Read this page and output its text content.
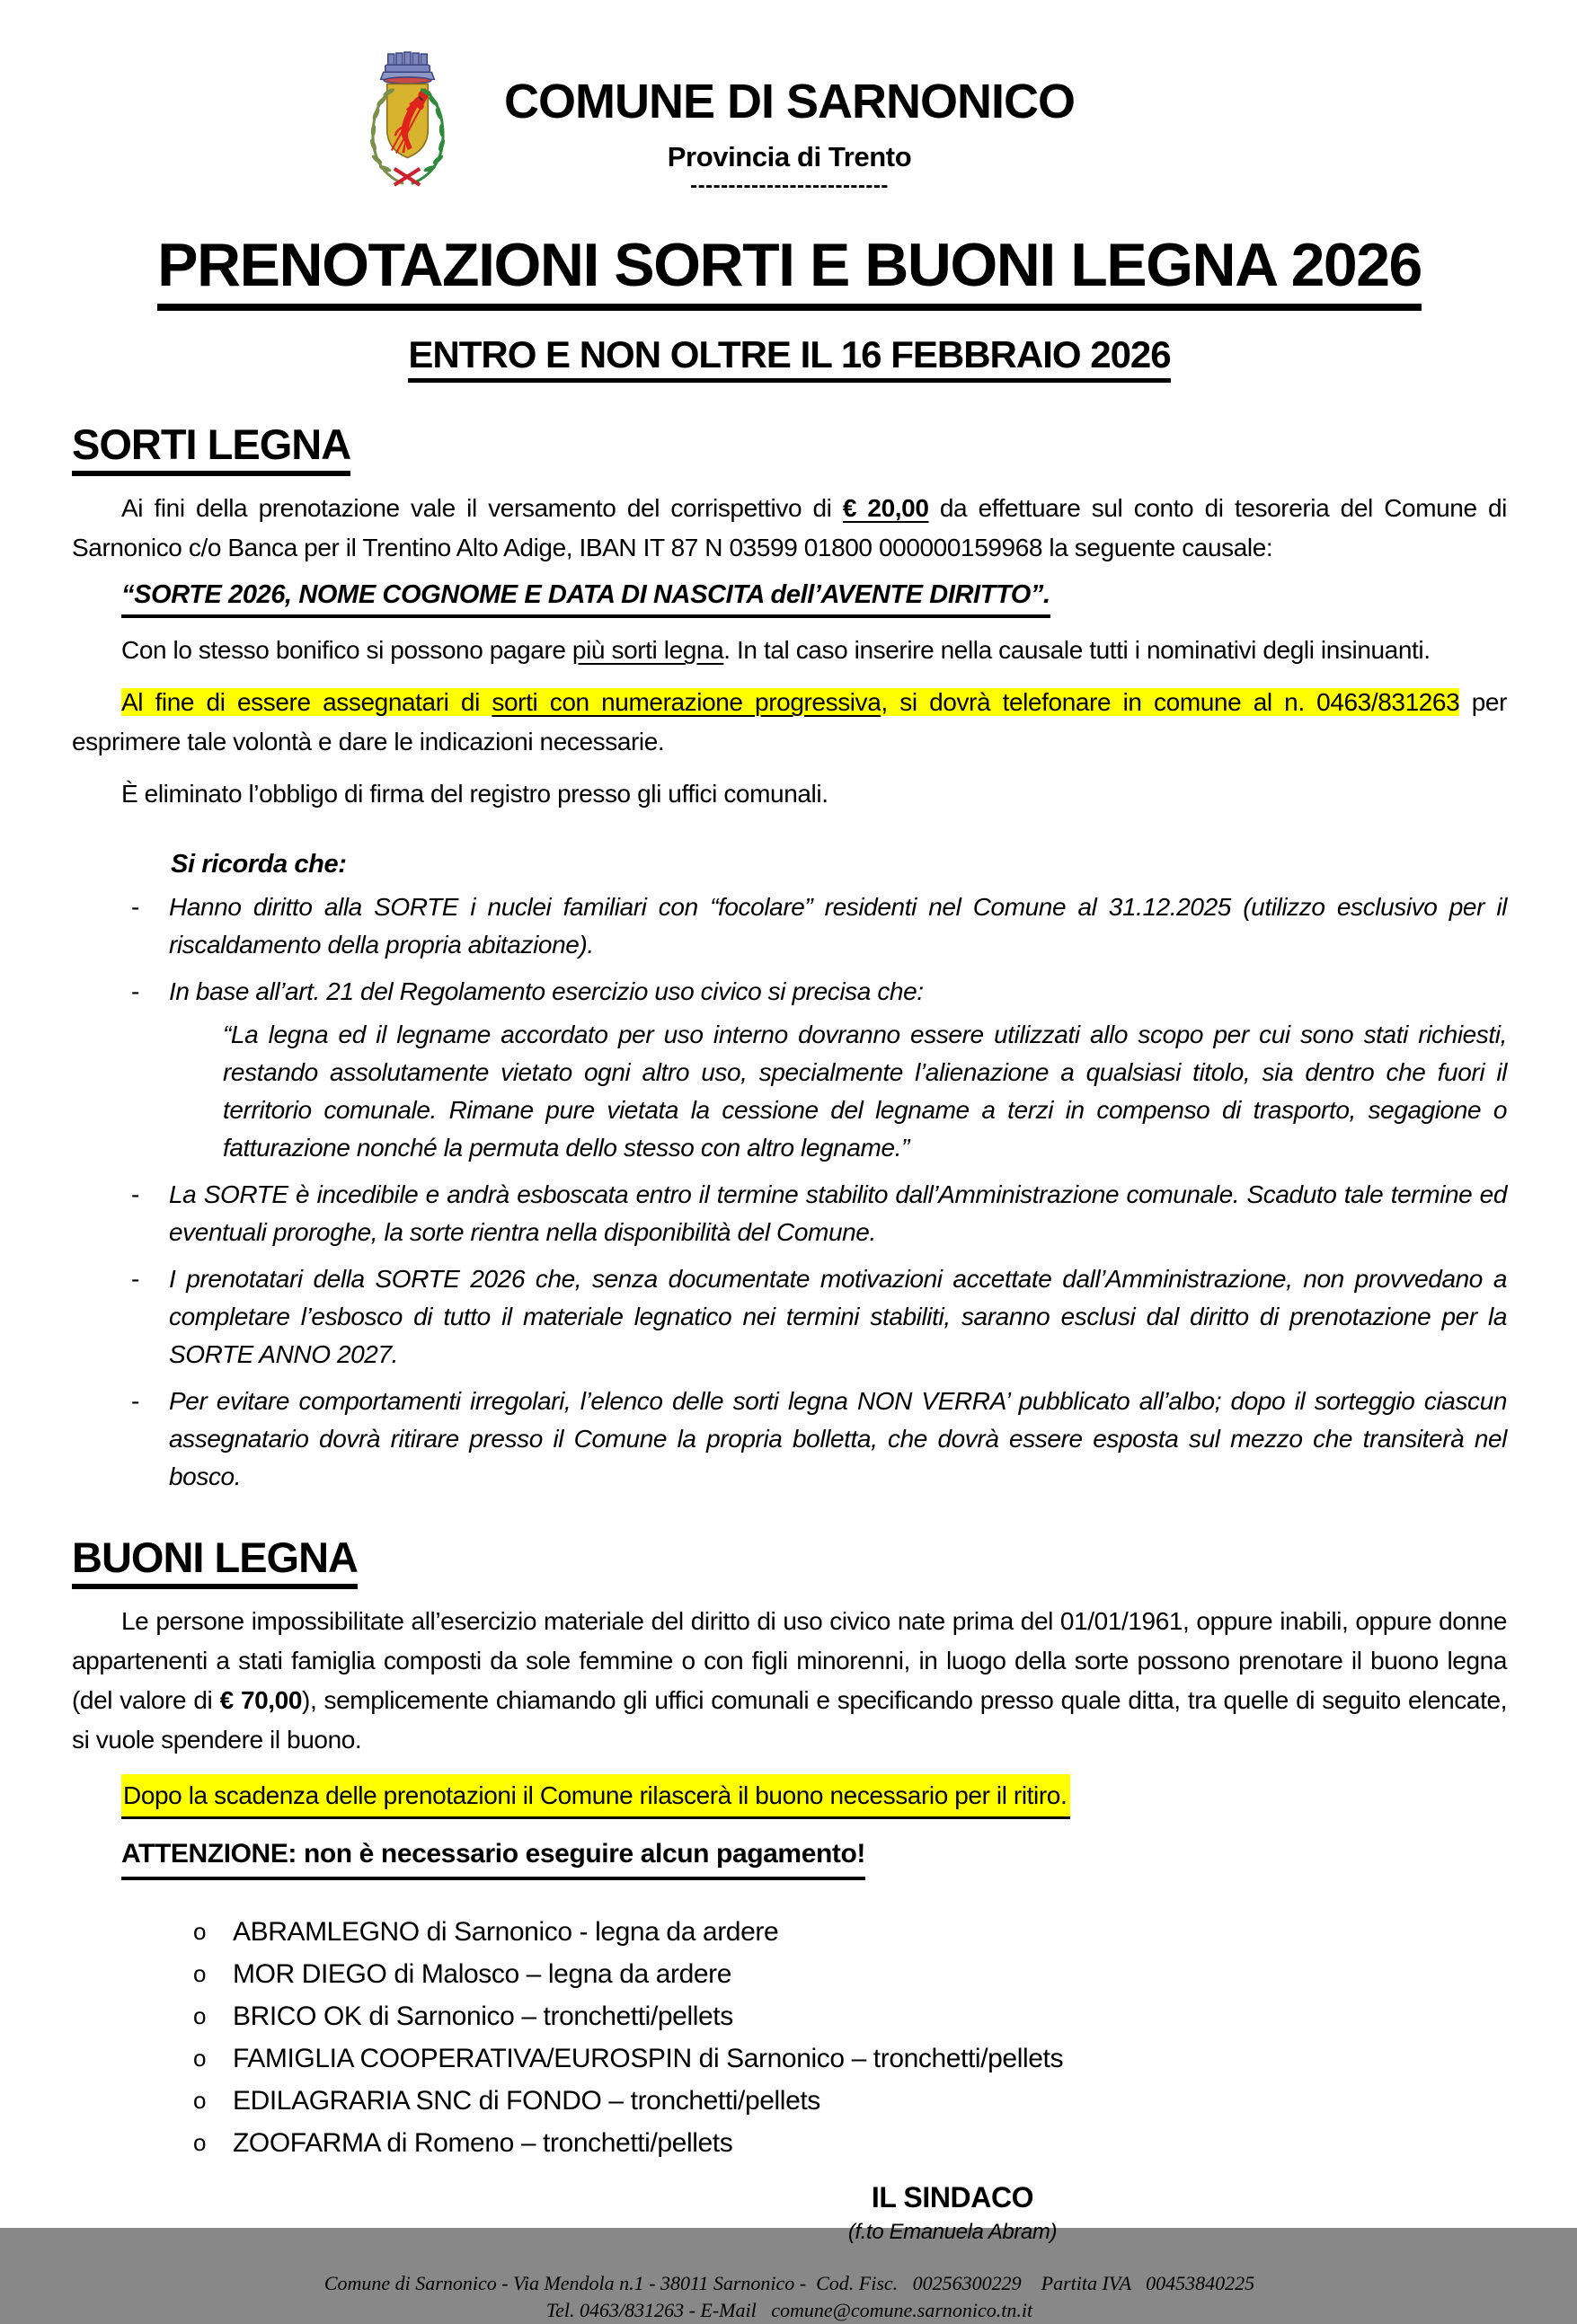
COMUNE DI SARNONICO
Provincia di Trento
--------------------------
PRENOTAZIONI SORTI E BUONI LEGNA 2026
ENTRO E NON OLTRE IL 16 FEBBRAIO 2026
SORTI LEGNA

Ai fini della prenotazione vale il versamento del corrispettivo di € 20,00 da effettuare sul conto di tesoreria del Comune di Sarnonico c/o Banca per il Trentino Alto Adige, IBAN IT 87 N 03599 01800 000000159968 la seguente causale:

“SORTE 2026, NOME COGNOME E DATA DI NASCITA dell’AVENTE DIRITTO”.

Con lo stesso bonifico si possono pagare più sorti legna. In tal caso inserire nella causale tutti i nominativi degli insinuanti.

Al fine di essere assegnatari di sorti con numerazione progressiva, si dovrà telefonare in comune al n. 0463/831263 per esprimere tale volontà e dare le indicazioni necessarie.

È eliminato l’obbligo di firma del registro presso gli uffici comunali.

Si ricorda che:
- Hanno diritto alla SORTE i nuclei familiari con “focolare” residenti nel Comune al 31.12.2025 (utilizzo esclusivo per il riscaldamento della propria abitazione).
- In base all’art. 21 del Regolamento esercizio uso civico si precisa che:
“La legna ed il legname accordato per uso interno dovranno essere utilizzati allo scopo per cui sono stati richiesti, restando assolutamente vietato ogni altro uso, specialmente l’alienazione a qualsiasi titolo, sia dentro che fuori il territorio comunale. Rimane pure vietata la cessione del legname a terzi in compenso di trasporto, segagione o fatturazione nonché la permuta dello stesso con altro legname.”
- La SORTE è incedibile e andrà esboscata entro il termine stabilito dall’Amministrazione comunale. Scaduto tale termine ed eventuali proroghe, la sorte rientra nella disponibilità del Comune.
- I prenotatari della SORTE 2026 che, senza documentate motivazioni accettate dall’Amministrazione, non provvedano a completare l’esbosco di tutto il materiale legnatico nei termini stabiliti, saranno esclusi dal diritto di prenotazione per la SORTE ANNO 2027.
- Per evitare comportamenti irregolari, l’elenco delle sorti legna NON VERRA’ pubblicato all’albo; dopo il sorteggio ciascun assegnatario dovrà ritirare presso il Comune la propria bolletta, che dovrà essere esposta sul mezzo che transiterà nel bosco.
BUONI LEGNA

Le persone impossibilitate all’esercizio materiale del diritto di uso civico nate prima del 01/01/1961, oppure inabili, oppure donne appartenenti a stati famiglia composti da sole femmine o con figli minorenni, in luogo della sorte possono prenotare il buono legna (del valore di € 70,00), semplicemente chiamando gli uffici comunali e specificando presso quale ditta, tra quelle di seguito elencate, si vuole spendere il buono.

Dopo la scadenza delle prenotazioni il Comune rilascerà il buono necessario per il ritiro.
ATTENZIONE: non è necessario eseguire alcun pagamento!
o ABRAMLEGNO di Sarnonico - legna da ardere
o MOR DIEGO di Malosco – legna da ardere
o BRICO OK di Sarnonico – tronchetti/pellets
o FAMIGLIA COOPERATIVA/EUROSPIN di Sarnonico – tronchetti/pellets
o EDILAGRARIA SNC di FONDO – tronchetti/pellets
o ZOOFARMA di Romeno – tronchetti/pellets
IL SINDACO
(f.to Emanuela Abram)
Comune di Sarnonico - Via Mendola n.1 - 38011 Sarnonico -  Cod. Fisc.   00256300229    Partita IVA   00453840225
Tel. 0463/831263 - E-Mail   comune@comune.sarnonico.tn.it
